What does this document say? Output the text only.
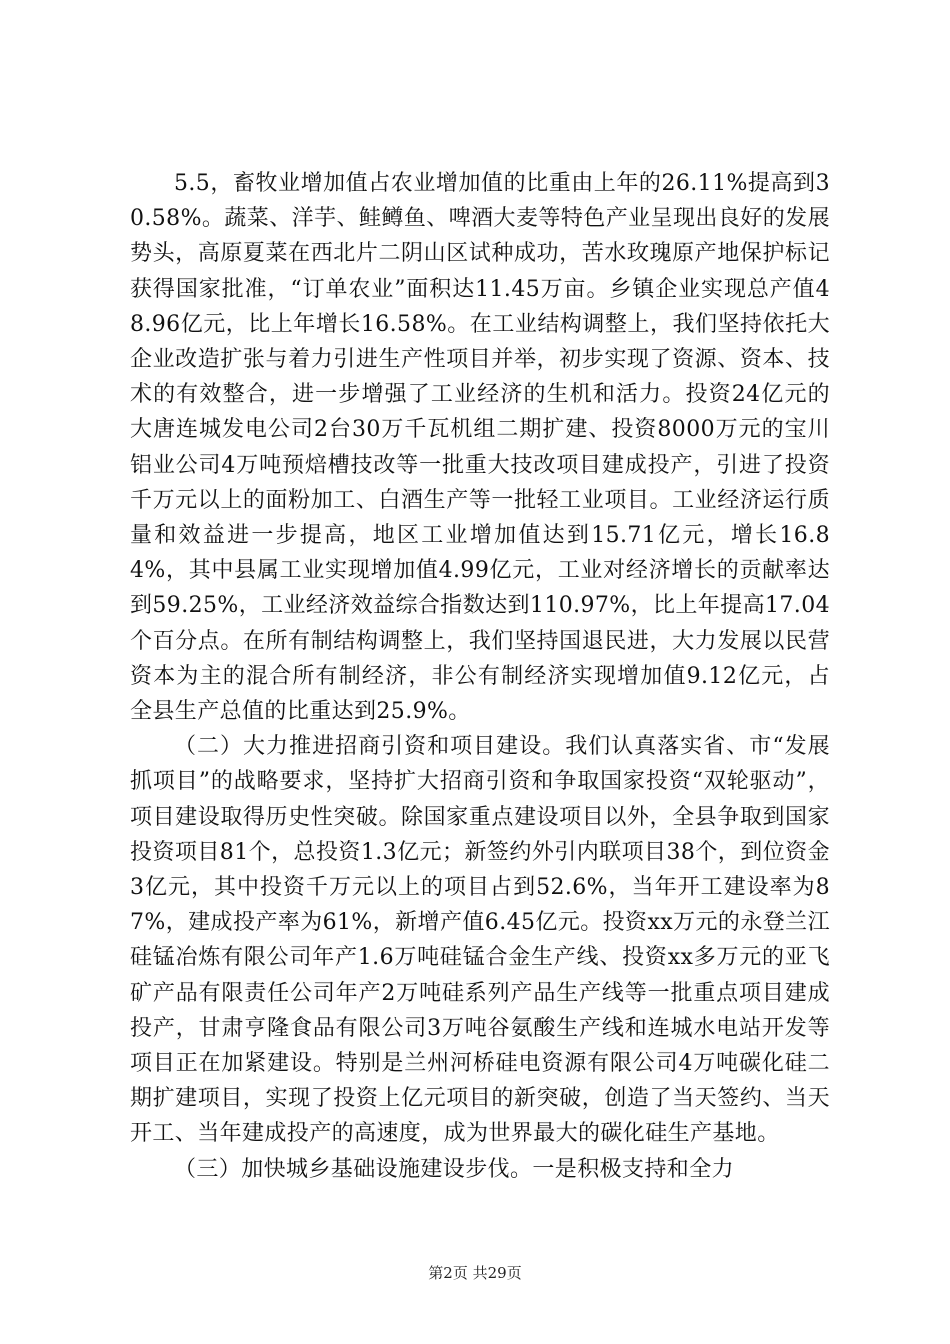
5.5，畜牧业增加值占农业增加值的比重由上年的26.11%提高到30.58%。蔬菜、洋芋、鲑鳟鱼、啤酒大麦等特色产业呈现出良好的发展势头，高原夏菜在西北片二阴山区试种成功，苦水玫瑰原产地保护标记获得国家批准，“订单农业”面积达11.45万亩。乡镇企业实现总产值48.96亿元，比上年增长16.58%。在工业结构调整上，我们坚持依托大企业改造扩张与着力引进生产性项目并举，初步实现了资源、资本、技术的有效整合，进一步增强了工业经济的生机和活力。投资24亿元的大唐连城发电公司2台30万千瓦机组二期扩建、投资8000万元的宝川铝业公司4万吨预焙槽技改等一批重大技改项目建成投产，引进了投资千万元以上的面粉加工、白酒生产等一批轻工业项目。工业经济运行质量和效益进一步提高，地区工业增加值达到15.71亿元，增长16.84%，其中县属工业实现增加值4.99亿元，工业对经济增长的贡献率达到59.25%，工业经济效益综合指数达到110.97%，比上年提高17.04个百分点。在所有制结构调整上，我们坚持国退民进，大力发展以民营资本为主的混合所有制经济，非公有制经济实现增加值9.12亿元，占全县生产总值的比重达到25.9%。

（二）大力推进招商引资和项目建设。我们认真落实省、市“发展抓项目”的战略要求，坚持扩大招商引资和争取国家投资“双轮驱动”，项目建设取得历史性突破。除国家重点建设项目以外，全县争取到国家投资项目81个，总投资1.3亿元；新签约外引内联项目38个，到位资金3亿元，其中投资千万元以上的项目占到52.6%，当年开工建设率为87%，建成投产率为61%，新增产值6.45亿元。投资xx万元的永登兰江硅锰冶炼有限公司年产1.6万吨硅锰合金生产线、投资xx多万元的亚飞矿产品有限责任公司年产2万吨硅系列产品生产线等一批重点项目建成投产，甘肃亨隆食品有限公司3万吨谷氨酸生产线和连城水电站开发等项目正在加紧建设。特别是兰州河桥硅电资源有限公司4万吨碳化硅二期扩建项目，实现了投资上亿元项目的新突破，创造了当天签约、当天开工、当年建成投产的高速度，成为世界最大的碳化硅生产基地。

（三）加快城乡基础设施建设步伐。一是积极支持和全力

第2页 共29页
